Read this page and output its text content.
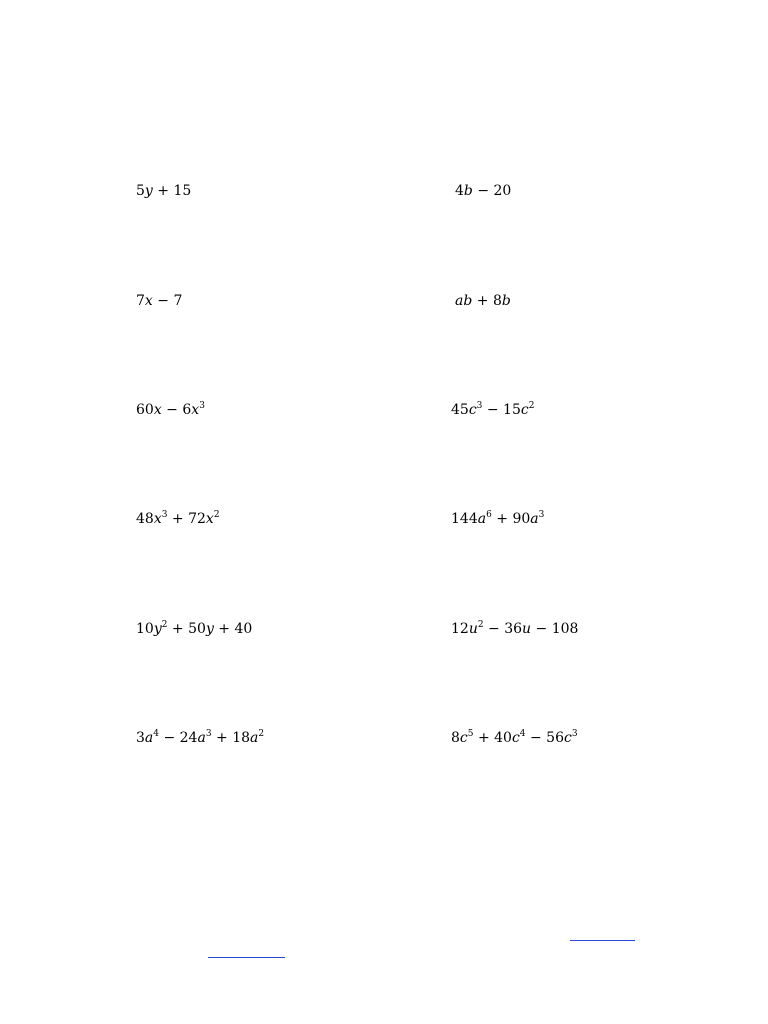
5y + 15
7x − 7
$60x - 6x^3$
$48x^3 + 72x^2$
$10y^2 + 50y + 40$
$3a^4 - 24a^3 + 18a^2$
4b − 20
ab + 8b
$45c^3 - 15c^2$
$144a^6 + 90a^3$
$12u^2 - 36u - 108$
$8c^5 + 40c^4 - 56c^3$
